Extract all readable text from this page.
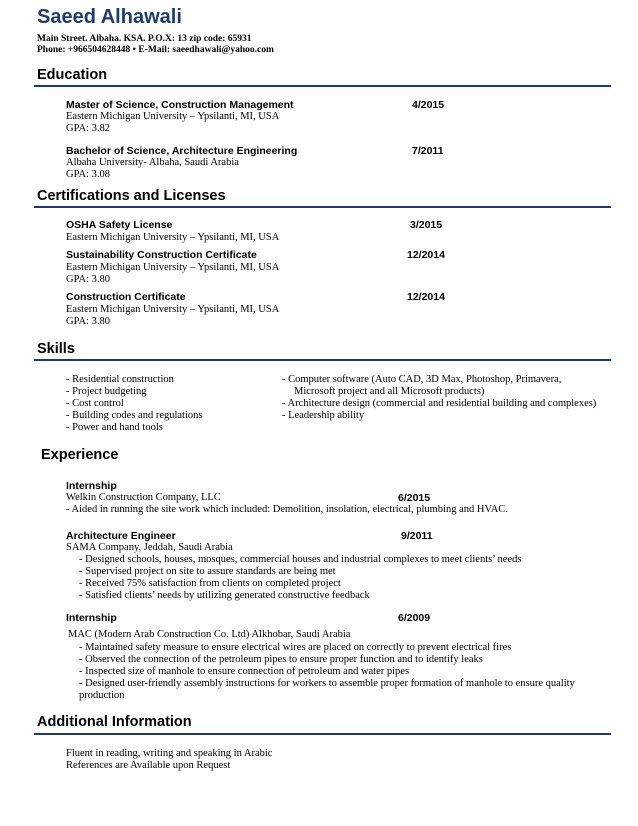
Saeed Alhawali
Main Street. Albaha. KSA. P.O.X: 13 zip code: 65931
Phone: +966504628448 • E-Mail: saeedhawali@yahoo.com
Education
Master of Science, Construction Management	4/2015
Eastern Michigan University – Ypsilanti, MI, USA
GPA: 3.82
Bachelor of Science, Architecture Engineering	7/2011
Albaha University- Albaha, Saudi Arabia
GPA: 3.08
Certifications and Licenses
OSHA Safety License	3/2015
Eastern Michigan University – Ypsilanti, MI, USA
Sustainability Construction Certificate	12/2014
Eastern Michigan University – Ypsilanti, MI, USA
GPA: 3.80
Construction Certificate	12/2014
Eastern Michigan University – Ypsilanti, MI, USA
GPA: 3.80
Skills
- Residential construction
- Project budgeting
- Cost control
- Building codes and regulations
- Power and hand tools
- Computer software (Auto CAD, 3D Max, Photoshop, Primavera,
Microsoft project and all Microsoft products)
- Architecture design (commercial and residential building and complexes)
- Leadership ability
Experience
Internship
Welkin Construction Company, LLC	6/2015
- Aided in running the site work which included: Demolition, insolation, electrical, plumbing and HVAC.
Architecture Engineer	9/2011
SAMA Company, Jeddah, Saudi Arabia
- Designed schools, houses, mosques, commercial houses and industrial complexes to meet clients’ needs
- Supervised project on site to assure standards are being met
- Received 75% satisfaction from clients on completed project
- Satisfied clients’ needs by utilizing generated constructive feedback
Internship	6/2009
MAC (Modern Arab Construction Co. Ltd) Alkhobar, Saudi Arabia
- Maintained safety measure to ensure electrical wires are placed on correctly to prevent electrical fires
- Observed the connection of the petroleum pipes to ensure proper function and to identify leaks
- Inspected size of manhole to ensure connection of petroleum and water pipes
- Designed user-friendly assembly instructions for workers to assemble proper formation of manhole to ensure quality
production
Additional Information
Fluent in reading, writing and speaking in Arabic
References are Available upon Request
